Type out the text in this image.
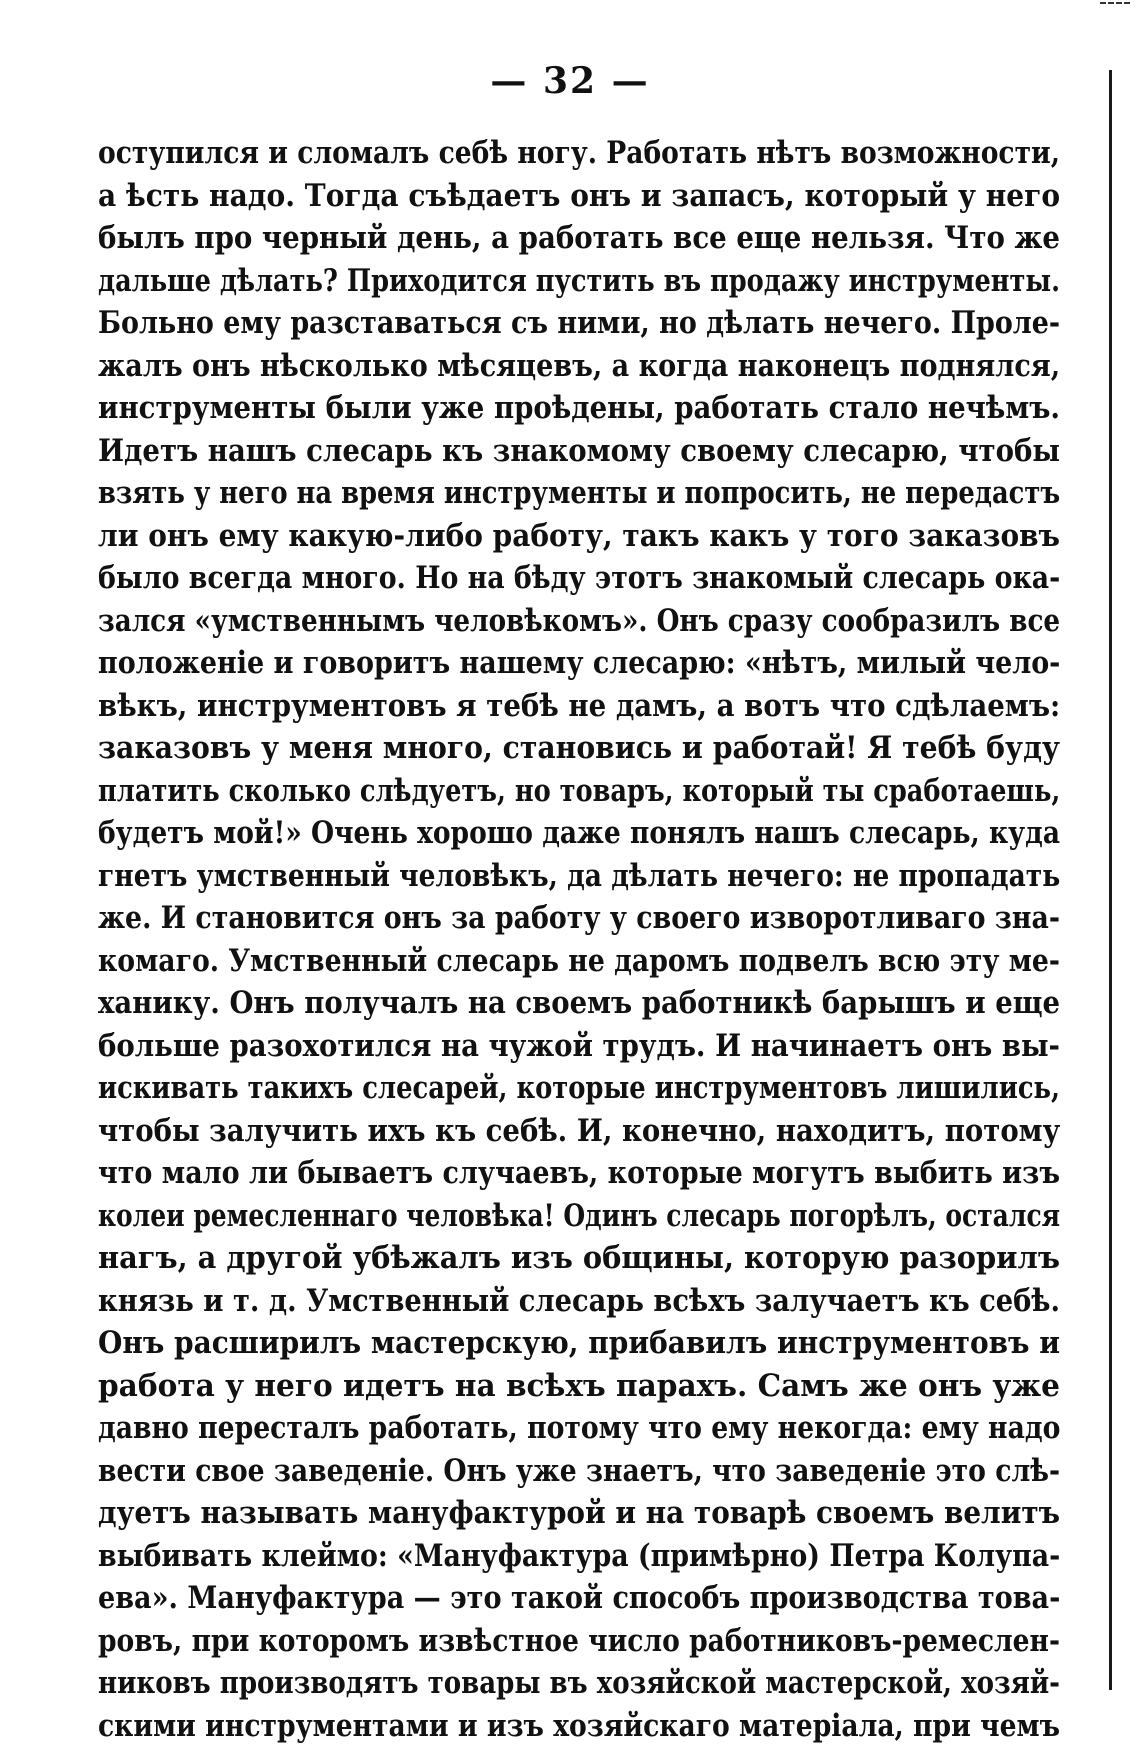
— 32 —
оступился и сломалъ себѣ ногу. Работать нѣтъ возможности,
а ѣсть надо. Тогда съѣдаетъ онъ и запасъ, который у него
былъ про черный день, а работать все еще нельзя. Что же
дальше дѣлать? Приходится пустить въ продажу инструменты.
Больно ему разставаться съ ними, но дѣлать нечего. Проле-
жалъ онъ нѣсколько мѣсяцевъ, а когда наконецъ поднялся,
инструменты были уже проѣдены, работать стало нечѣмъ.
Идетъ нашъ слесарь къ знакомому своему слесарю, чтобы
взять у него на время инструменты и попросить, не передастъ
ли онъ ему какую-либо работу, такъ какъ у того заказовъ
было всегда много. Но на бѣду этотъ знакомый слесарь ока-
зался «умственнымъ человѣкомъ». Онъ сразу сообразилъ все
положеніе и говоритъ нашему слесарю: «нѣтъ, милый чело-
вѣкъ, инструментовъ я тебѣ не дамъ, а вотъ что сдѣлаемъ:
заказовъ у меня много, становись и работай! Я тебѣ буду
платить сколько слѣдуетъ, но товаръ, который ты сработаешь,
будетъ мой!» Очень хорошо даже понялъ нашъ слесарь, куда
гнетъ умственный человѣкъ, да дѣлать нечего: не пропадать
же. И становится онъ за работу у своего изворотливаго зна-
комаго. Умственный слесарь не даромъ подвелъ всю эту ме-
ханику. Онъ получалъ на своемъ работникѣ барышъ и еще
больше разохотился на чужой трудъ. И начинаетъ онъ вы-
искивать такихъ слесарей, которые инструментовъ лишились,
чтобы залучить ихъ къ себѣ. И, конечно, находитъ, потому
что мало ли бываетъ случаевъ, которые могутъ выбить изъ
колеи ремесленнаго человѣка! Одинъ слесарь погорѣлъ, остался
нагъ, а другой убѣжалъ изъ общины, которую разорилъ
князь и т. д. Умственный слесарь всѣхъ залучаетъ къ себѣ.
Онъ расширилъ мастерскую, прибавилъ инструментовъ и
работа у него идетъ на всѣхъ парахъ. Самъ же онъ уже
давно пересталъ работать, потому что ему некогда: ему надо
вести свое заведеніе. Онъ уже знаетъ, что заведеніе это слѣ-
дуетъ называть мануфактурой и на товарѣ своемъ велитъ
выбивать клеймо: «Мануфактура (примѣрно) Петра Колупа-
ева». Мануфактура — это такой способъ производства това-
ровъ, при которомъ извѣстное число работниковъ-ремеслен-
никовъ производятъ товары въ хозяйской мастерской, хозяй-
скими инструментами и изъ хозяйскаго матеріала, при чемъ
